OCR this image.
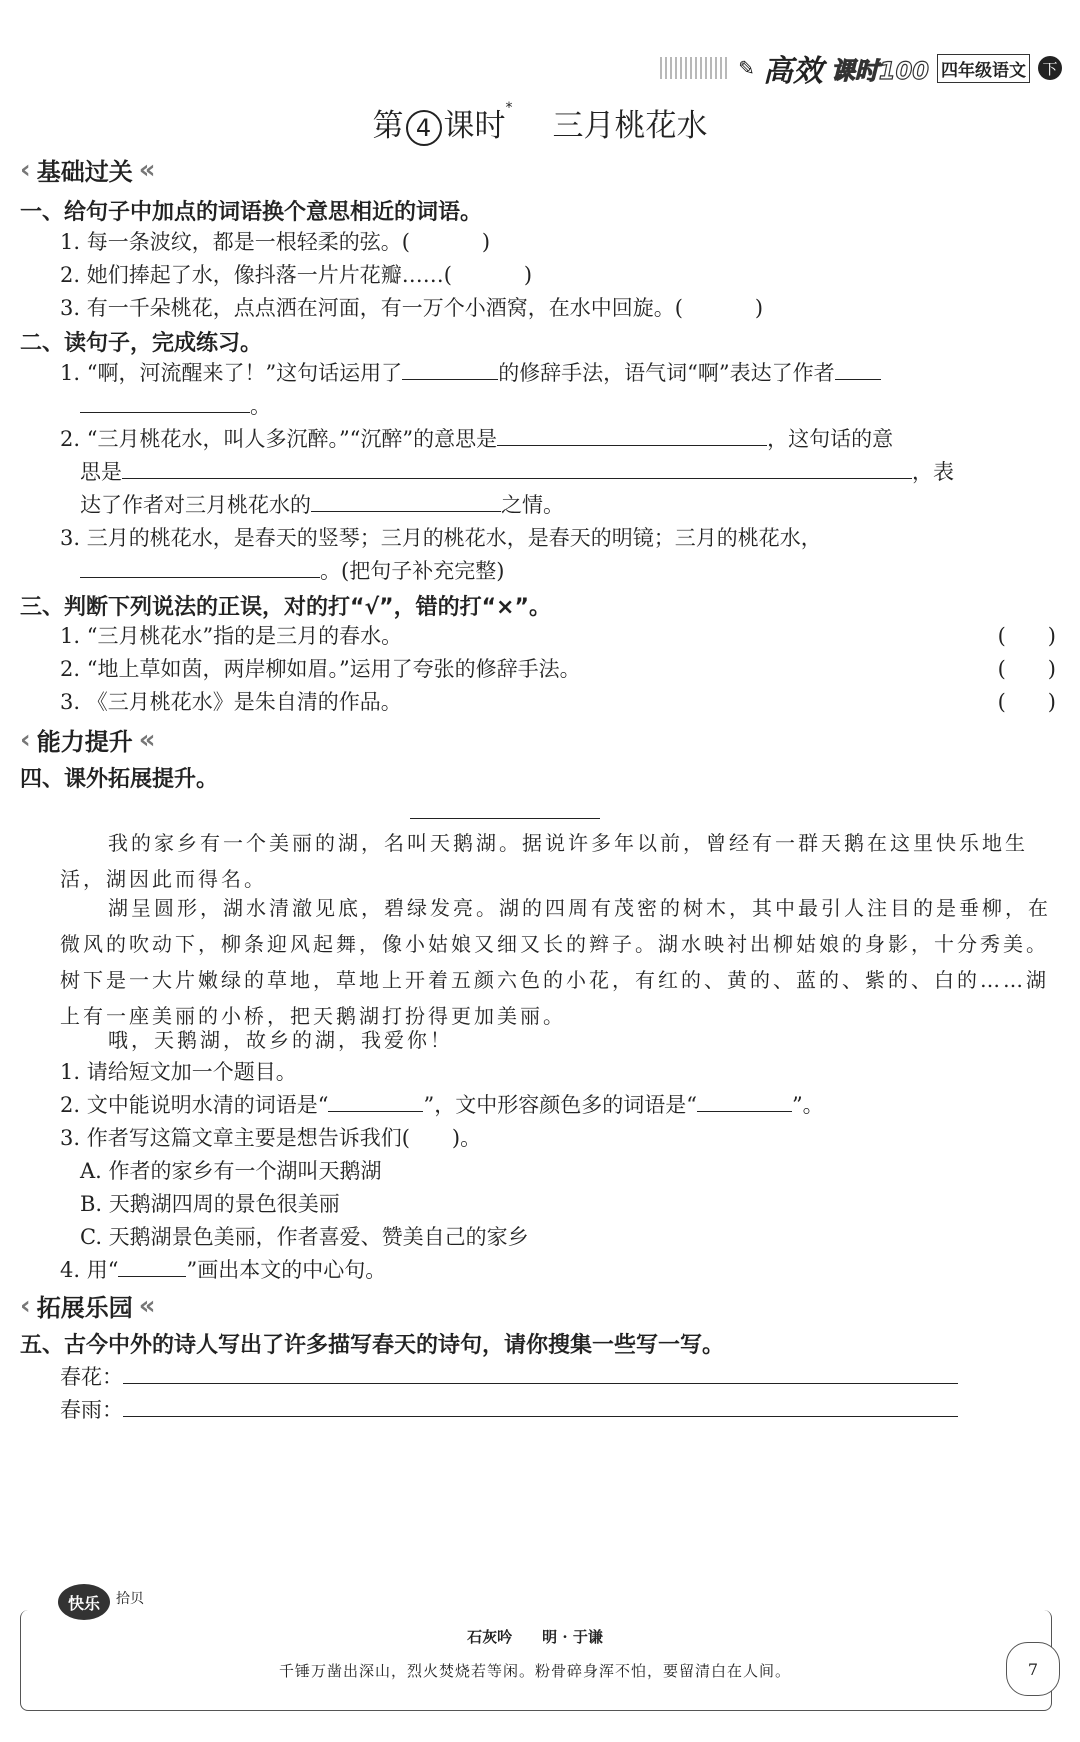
✎ 高效 课时100 四年级语文 下
第 4 课时* 三月桃花水
‹ 基础过关 «
一、给句子中加点的词语换个意思相近的词语。
1. 每一条波纹，都是一根轻柔的弦。(	)
2. 她们捧起了水，像抖落一片片花瓣……(	)
3. 有一千朵桃花，点点洒在河面，有一万个小酒窝，在水中回旋。(	)
二、读句子，完成练习。
1. “啊，河流醒来了！”这句话运用了	的修辞手法，语气词“啊”表达了作者
。
2. “三月桃花水，叫人多沉醉。”“沉醉”的意思是	，这句话的意
思是	，表
达了作者对三月桃花水的	之情。
3. 三月的桃花水，是春天的竖琴；三月的桃花水，是春天的明镜；三月的桃花水，
。(把句子补充完整)
三、判断下列说法的正误，对的打“√”，错的打“×”。
1. “三月桃花水”指的是三月的春水。	(　　)
2. “地上草如茵，两岸柳如眉。”运用了夸张的修辞手法。	(　　)
3. 《三月桃花水》是朱自清的作品。	(　　)
‹ 能力提升 «
四、课外拓展提升。
我的家乡有一个美丽的湖，名叫天鹅湖。据说许多年以前，曾经有一群天鹅在这里快乐地生活，湖因此而得名。
湖呈圆形，湖水清澈见底，碧绿发亮。湖的四周有茂密的树木，其中最引人注目的是垂柳，在微风的吹动下，柳条迎风起舞，像小姑娘又细又长的辫子。湖水映衬出柳姑娘的身影，十分秀美。树下是一大片嫩绿的草地，草地上开着五颜六色的小花，有红的、黄的、蓝的、紫的、白的……湖上有一座美丽的小桥，把天鹅湖打扮得更加美丽。
哦，天鹅湖，故乡的湖，我爱你！
1. 请给短文加一个题目。
2. 文中能说明水清的词语是“	”，文中形容颜色多的词语是“	”。
3. 作者写这篇文章主要是想告诉我们(　　)。
A. 作者的家乡有一个湖叫天鹅湖
B. 天鹅湖四周的景色很美丽
C. 天鹅湖景色美丽，作者喜爱、赞美自己的家乡
4. 用“	”画出本文的中心句。
‹ 拓展乐园 «
五、古今中外的诗人写出了许多描写春天的诗句，请你搜集一些写一写。
春花：
春雨：
快乐	拾贝
石灰吟　　明 · 于谦
千锤万凿出深山，烈火焚烧若等闲。粉骨碎身浑不怕，要留清白在人间。	7
